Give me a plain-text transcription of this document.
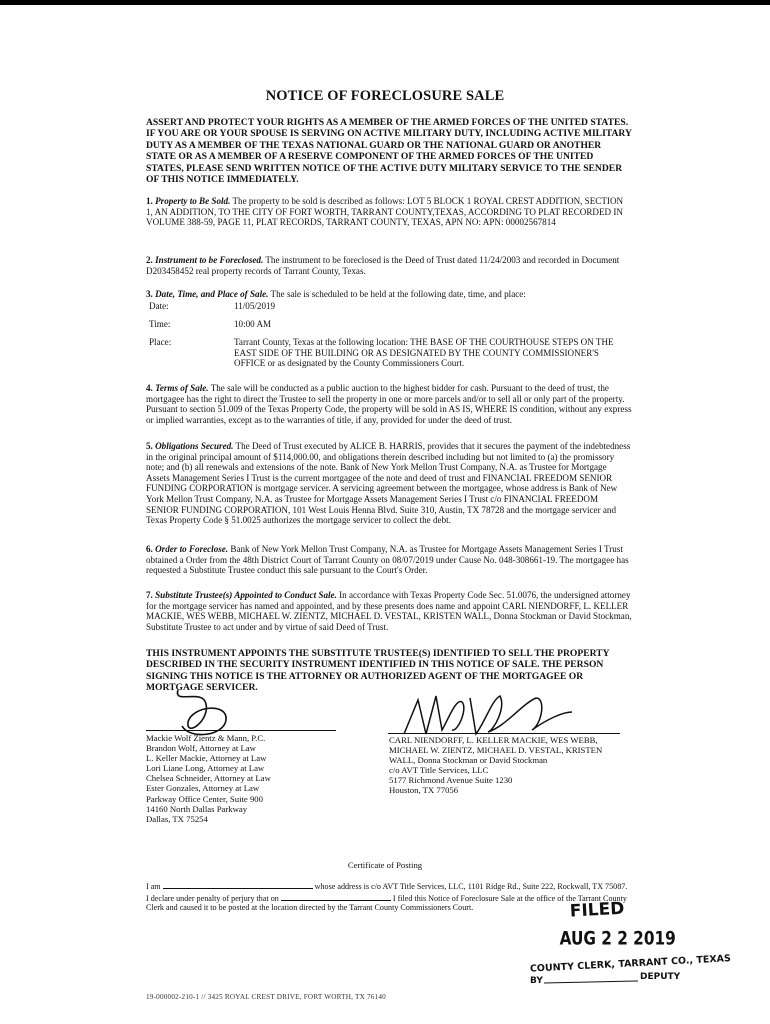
NOTICE OF FORECLOSURE SALE
ASSERT AND PROTECT YOUR RIGHTS AS A MEMBER OF THE ARMED FORCES OF THE UNITED STATES. IF YOU ARE OR YOUR SPOUSE IS SERVING ON ACTIVE MILITARY DUTY, INCLUDING ACTIVE MILITARY DUTY AS A MEMBER OF THE TEXAS NATIONAL GUARD OR THE NATIONAL GUARD OR ANOTHER STATE OR AS A MEMBER OF A RESERVE COMPONENT OF THE ARMED FORCES OF THE UNITED STATES, PLEASE SEND WRITTEN NOTICE OF THE ACTIVE DUTY MILITARY SERVICE TO THE SENDER OF THIS NOTICE IMMEDIATELY.
1. Property to Be Sold. The property to be sold is described as follows: LOT 5 BLOCK 1 ROYAL CREST ADDITION, SECTION 1, AN ADDITION, TO THE CITY OF FORT WORTH, TARRANT COUNTY,TEXAS, ACCORDING TO PLAT RECORDED IN VOLUME 388-59, PAGE 11, PLAT RECORDS, TARRANT COUNTY, TEXAS, APN NO: APN: 00002567814
2. Instrument to be Foreclosed. The instrument to be foreclosed is the Deed of Trust dated 11/24/2003 and recorded in Document D203458452 real property records of Tarrant County, Texas.
3. Date, Time, and Place of Sale. The sale is scheduled to be held at the following date, time, and place:
Date:	11/05/2019
Time:	10:00 AM
Place:	Tarrant County, Texas at the following location: THE BASE OF THE COURTHOUSE STEPS ON THE EAST SIDE OF THE BUILDING OR AS DESIGNATED BY THE COUNTY COMMISSIONER'S OFFICE or as designated by the County Commissioners Court.
4. Terms of Sale. The sale will be conducted as a public auction to the highest bidder for cash. Pursuant to the deed of trust, the mortgagee has the right to direct the Trustee to sell the property in one or more parcels and/or to sell all or only part of the property. Pursuant to section 51.009 of the Texas Property Code, the property will be sold in AS IS, WHERE IS condition, without any express or implied warranties, except as to the warranties of title, if any, provided for under the deed of trust.
5. Obligations Secured. The Deed of Trust executed by ALICE B. HARRIS, provides that it secures the payment of the indebtedness in the original principal amount of $114,000.00, and obligations therein described including but not limited to (a) the promissory note; and (b) all renewals and extensions of the note. Bank of New York Mellon Trust Company, N.A. as Trustee for Mortgage Assets Management Series I Trust is the current mortgagee of the note and deed of trust and FINANCIAL FREEDOM SENIOR FUNDING CORPORATION is mortgage servicer. A servicing agreement between the mortgagee, whose address is Bank of New York Mellon Trust Company, N.A. as Trustee for Mortgage Assets Management Series I Trust c/o FINANCIAL FREEDOM SENIOR FUNDING CORPORATION, 101 West Louis Henna Blvd. Suite 310, Austin, TX 78728 and the mortgage servicer and Texas Property Code § 51.0025 authorizes the mortgage servicer to collect the debt.
6. Order to Foreclose. Bank of New York Mellon Trust Company, N.A. as Trustee for Mortgage Assets Management Series I Trust obtained a Order from the 48th District Court of Tarrant County on 08/07/2019 under Cause No. 048-308661-19. The mortgagee has requested a Substitute Trustee conduct this sale pursuant to the Court's Order.
7. Substitute Trustee(s) Appointed to Conduct Sale. In accordance with Texas Property Code Sec. 51.0076, the undersigned attorney for the mortgage servicer has named and appointed, and by these presents does name and appoint CARL NIENDORFF, L. KELLER MACKIE, WES WEBB, MICHAEL W. ZIENTZ, MICHAEL D. VESTAL, KRISTEN WALL, Donna Stockman or David Stockman, Substitute Trustee to act under and by virtue of said Deed of Trust.
THIS INSTRUMENT APPOINTS THE SUBSTITUTE TRUSTEE(S) IDENTIFIED TO SELL THE PROPERTY DESCRIBED IN THE SECURITY INSTRUMENT IDENTIFIED IN THIS NOTICE OF SALE. THE PERSON SIGNING THIS NOTICE IS THE ATTORNEY OR AUTHORIZED AGENT OF THE MORTGAGEE OR MORTGAGE SERVICER.
Mackie Wolf Zientz & Mann, P.C.
Brandon Wolf, Attorney at Law
L. Keller Mackie, Attorney at Law
Lori Liane Long, Attorney at Law
Chelsea Schneider, Attorney at Law
Ester Gonzales, Attorney at Law
Parkway Office Center, Suite 900
14160 North Dallas Parkway
Dallas, TX 75254
CARL NIENDORFF, L. KELLER MACKIE, WES WEBB,
MICHAEL W. ZIENTZ, MICHAEL D. VESTAL, KRISTEN
WALL, Donna Stockman or David Stockman
c/o AVT Title Services, LLC
5177 Richmond Avenue Suite 1230
Houston, TX 77056
Certificate of Posting
I am	whose address is c/o AVT Title Services, LLC, 1101 Ridge Rd., Suite 222, Rockwall, TX 75087. I declare under penalty of perjury that on	I filed this Notice of Foreclosure Sale at the office of the Tarrant County Clerk and caused it to be posted at the location directed by the Tarrant County Commissioners Court.	FILED
AUG 2 2 2019
COUNTY CLERK, TARRANT CO., TEXAS
BY	DEPUTY
19-000002-210-1 // 3425 ROYAL CREST DRIVE, FORT WORTH, TX 76140
